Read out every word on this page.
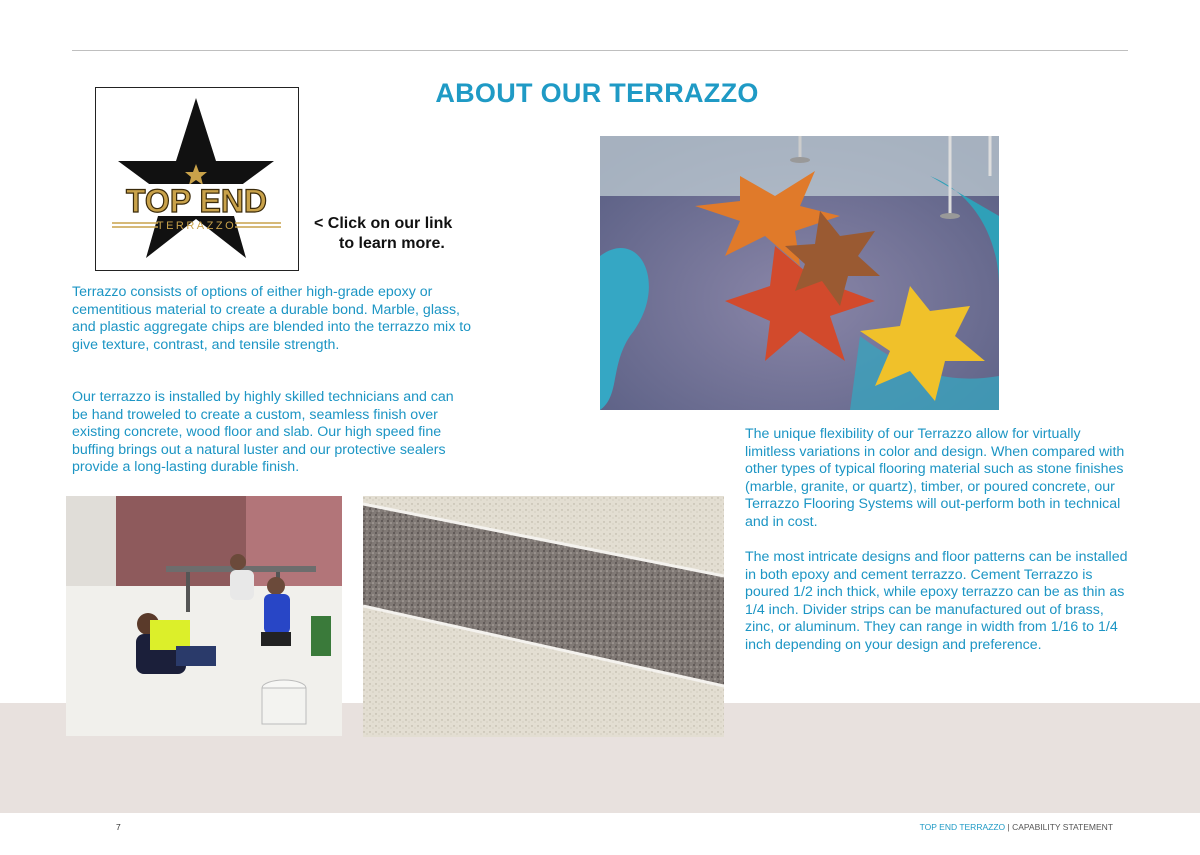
ABOUT OUR TERRAZZO
TOP END
TERRAZZO	< Click on our link
to learn more.

Terrazzo consists of options of either high-grade epoxy or cementitious material to create a durable bond. Marble, glass, and plastic aggregate chips are blended into the terrazzo mix to give texture, contrast, and tensile strength.

Our terrazzo is installed by highly skilled technicians and can be hand troweled to create a custom, seamless finish over existing concrete, wood floor and slab. Our high speed fine buffing brings out a natural luster and our protective sealers provide a long-lasting durable finish.

The unique flexibility of our Terrazzo allow for virtually limitless variations in color and design. When compared with other types of typical flooring material such as stone finishes (marble, granite, or quartz), timber, or poured concrete, our Terrazzo Flooring Systems will out-perform both in technical and in cost.

The most intricate designs and floor patterns can be installed in both epoxy and cement terrazzo. Cement Terrazzo is poured 1/2 inch thick, while epoxy terrazzo can be as thin as 1/4 inch. Divider strips can be manufactured out of brass, zinc, or aluminum. They can range in width from 1/16 to 1/4 inch depending on your design and preference.

7	TOP END TERRAZZO | CAPABILITY STATEMENT
